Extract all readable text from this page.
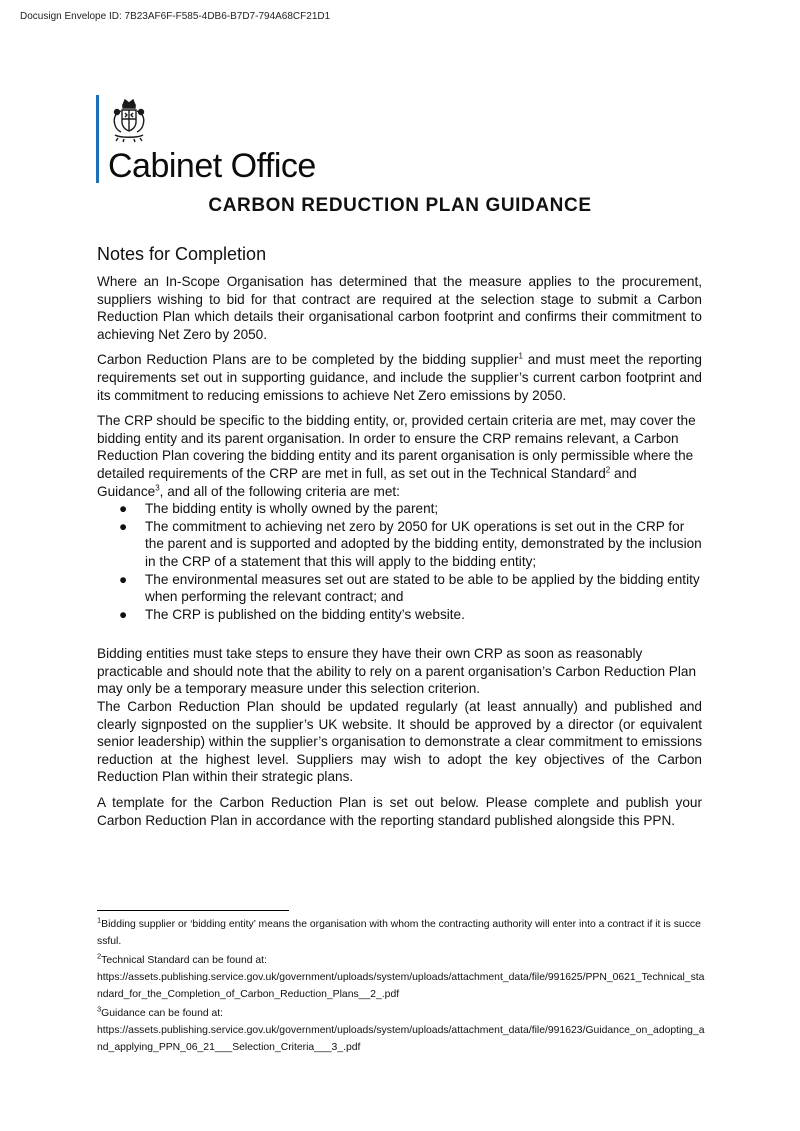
Docusign Envelope ID: 7B23AF6F-F585-4DB6-B7D7-794A68CF21D1
Cabinet Office
CARBON REDUCTION PLAN GUIDANCE
Notes for Completion

Where an In-Scope Organisation has determined that the measure applies to the procurement, suppliers wishing to bid for that contract are required at the selection stage to submit a Carbon Reduction Plan which details their organisational carbon footprint and confirms their commitment to achieving Net Zero by 2050.

Carbon Reduction Plans are to be completed by the bidding supplier$^1$ and must meet the reporting requirements set out in supporting guidance, and include the supplier’s current carbon footprint and its commitment to reducing emissions to achieve Net Zero emissions by 2050.

The CRP should be specific to the bidding entity, or, provided certain criteria are met, may cover the bidding entity and its parent organisation. In order to ensure the CRP remains relevant, a Carbon Reduction Plan covering the bidding entity and its parent organisation is only permissible where the detailed requirements of the CRP are met in full, as set out in the Technical Standard$^2$ and Guidance$^3$, and all of the following criteria are met:

● The bidding entity is wholly owned by the parent;
● The commitment to achieving net zero by 2050 for UK operations is set out in the CRP for the parent and is supported and adopted by the bidding entity, demonstrated by the inclusion in the CRP of a statement that this will apply to the bidding entity;
● The environmental measures set out are stated to be able to be applied by the bidding entity when performing the relevant contract; and
● The CRP is published on the bidding entity’s website.

Bidding entities must take steps to ensure they have their own CRP as soon as reasonably practicable and should note that the ability to rely on a parent organisation’s Carbon Reduction Plan may only be a temporary measure under this selection criterion.

The Carbon Reduction Plan should be updated regularly (at least annually) and published and clearly signposted on the supplier’s UK website. It should be approved by a director (or equivalent senior leadership) within the supplier’s organisation to demonstrate a clear commitment to emissions reduction at the highest level. Suppliers may wish to adopt the key objectives of the Carbon Reduction Plan within their strategic plans.

A template for the Carbon Reduction Plan is set out below. Please complete and publish your Carbon Reduction Plan in accordance with the reporting standard published alongside this PPN.

$^1$Bidding supplier or ‘bidding entity’ means the organisation with whom the contracting authority will enter into a contract if it is successful.
$^2$Technical Standard can be found at:
https://assets.publishing.service.gov.uk/government/uploads/system/uploads/attachment_data/file/991625/PPN_0621_Technical_standard_for_the_Completion_of_Carbon_Reduction_Plans__2_.pdf
$^3$Guidance can be found at:
https://assets.publishing.service.gov.uk/government/uploads/system/uploads/attachment_data/file/991623/Guidance_on_adopting_and_applying_PPN_06_21___Selection_Criteria___3_.pdf
